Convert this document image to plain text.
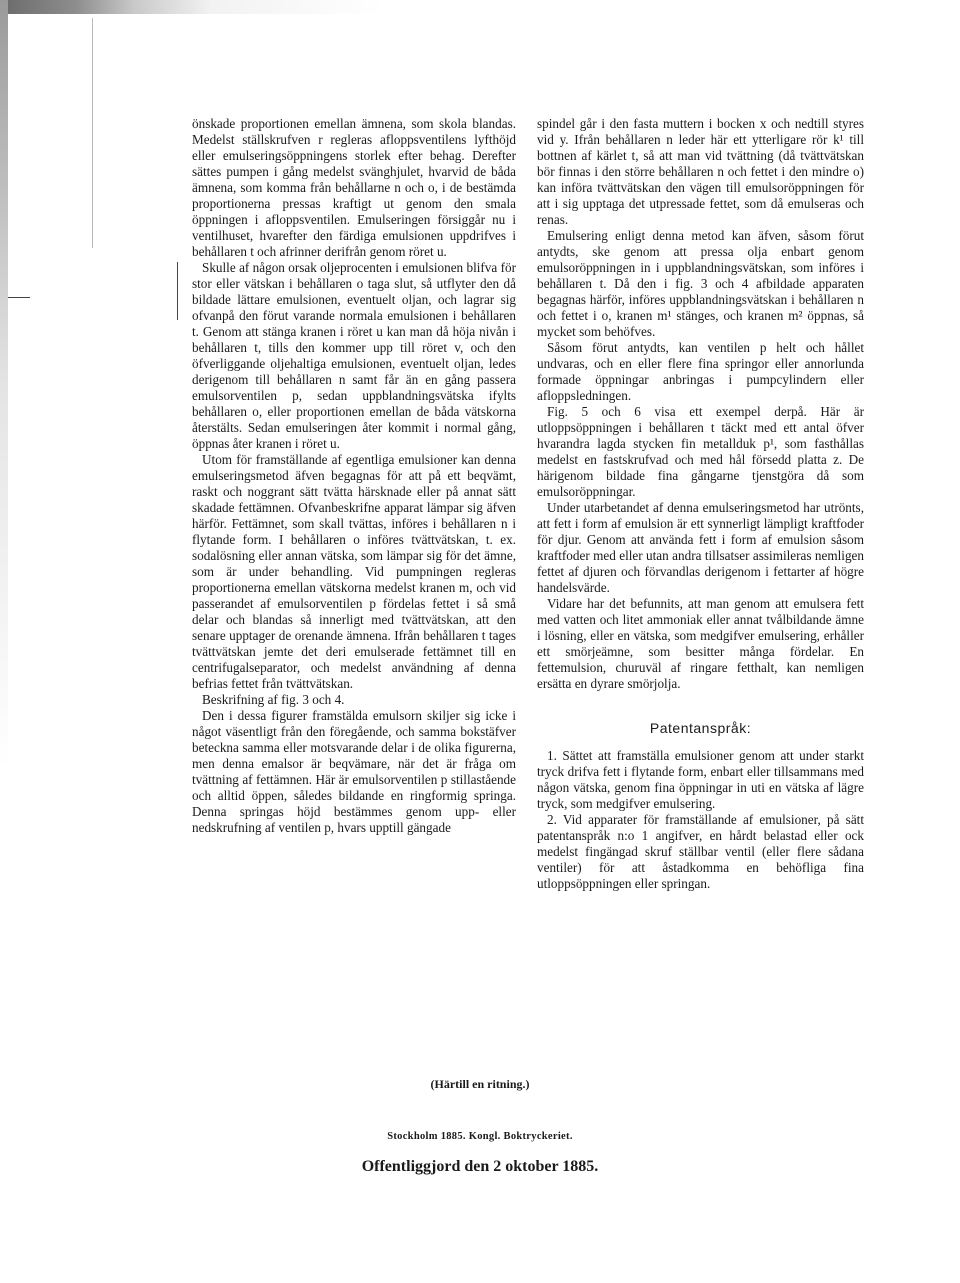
önskade proportionen emellan ämnena, som skola blandas. Medelst ställskrufven r regleras afloppsventilens lyfthöjd eller emulseringsöppningens storlek efter behag. Derefter sättes pumpen i gång medelst svänghjulet, hvarvid de båda ämnena, som komma från behållarne n och o, i de bestämda proportionerna pressas kraftigt ut genom den smala öppningen i afloppsventilen. Emulseringen försiggår nu i ventilhuset, hvarefter den färdiga emulsionen uppdrifves i behållaren t och afrinner derifrån genom röret u.

Skulle af någon orsak oljeprocenten i emulsionen blifva för stor eller vätskan i behållaren o taga slut, så utflyter den då bildade lättare emulsionen, eventuelt oljan, och lagrar sig ofvanpå den förut varande normala emulsionen i behållaren t. Genom att stänga kranen i röret u kan man då höja nivån i behållaren t, tills den kommer upp till röret v, och den öfverliggande oljehaltiga emulsionen, eventuelt oljan, ledes derigenom till behållaren n samt får än en gång passera emulsorventilen p, sedan uppblandningsvätska ifylts behållaren o, eller proportionen emellan de båda vätskorna återstälts. Sedan emulseringen åter kommit i normal gång, öppnas åter kranen i röret u.

Utom för framställande af egentliga emulsioner kan denna emulseringsmetod äfven begagnas för att på ett beqvämt, raskt och noggrant sätt tvätta härsknade eller på annat sätt skadade fettämnen. Ofvanbeskrifne apparat lämpar sig äfven härför. Fettämnet, som skall tvättas, införes i behållaren n i flytande form. I behållaren o införes tvättvätskan, t. ex. sodalösning eller annan vätska, som lämpar sig för det ämne, som är under behandling. Vid pumpningen regleras proportionerna emellan vätskorna medelst kranen m, och vid passerandet af emulsorventilen p fördelas fettet i så små delar och blandas så innerligt med tvättvätskan, att den senare upptager de orenande ämnena. Ifrån behållaren t tages tvättvätskan jemte det deri emulserade fettämnet till en centrifugalseparator, och medelst användning af denna befrias fettet från tvättvätskan.

Beskrifning af fig. 3 och 4.

Den i dessa figurer framstälda emulsorn skiljer sig icke i något väsentligt från den föregående, och samma bokstäfver beteckna samma eller motsvarande delar i de olika figurerna, men denna emalsor är beqvämare, när det är fråga om tvättning af fettämnen. Här är emulsorventilen p stillastående och alltid öppen, således bildande en ringformig springa. Denna springas höjd bestämmes genom upp- eller nedskrufning af ventilen p, hvars upptill gängade

spindel går i den fasta muttern i bocken x och nedtill styres vid y. Ifrån behållaren n leder här ett ytterligare rör k¹ till bottnen af kärlet t, så att man vid tvättning (då tvättvätskan bör finnas i den större behållaren n och fettet i den mindre o) kan införa tvättvätskan den vägen till emulsoröppningen för att i sig upptaga det utpressade fettet, som då emulseras och renas.

Emulsering enligt denna metod kan äfven, såsom förut antydts, ske genom att pressa olja enbart genom emulsoröppningen in i uppblandningsvätskan, som införes i behållaren t. Då den i fig. 3 och 4 afbildade apparaten begagnas härför, införes uppblandningsvätskan i behållaren n och fettet i o, kranen m¹ stänges, och kranen m² öppnas, så mycket som behöfves.

Såsom förut antydts, kan ventilen p helt och hållet undvaras, och en eller flere fina springor eller annorlunda formade öppningar anbringas i pumpcylindern eller afloppsledningen.

Fig. 5 och 6 visa ett exempel derpå. Här är utloppsöppningen i behållaren t täckt med ett antal öfver hvarandra lagda stycken fin metallduk p¹, som fasthållas medelst en fastskrufvad och med hål försedd platta z. De härigenom bildade fina gångarne tjenstgöra då som emulsoröppningar.

Under utarbetandet af denna emulseringsmetod har utrönts, att fett i form af emulsion är ett synnerligt lämpligt kraftfoder för djur. Genom att använda fett i form af emulsion såsom kraftfoder med eller utan andra tillsatser assimileras nemligen fettet af djuren och förvandlas derigenom i fettarter af högre handelsvärde.

Vidare har det befunnits, att man genom att emulsera fett med vatten och litet ammoniak eller annat tvålbildande ämne i lösning, eller en vätska, som medgifver emulsering, erhåller ett smörjeämne, som besitter många fördelar. En fettemulsion, churuväl af ringare fetthalt, kan nemligen ersätta en dyrare smörjolja.

Patentanspråk:

1. Sättet att framställa emulsioner genom att under starkt tryck drifva fett i flytande form, enbart eller tillsammans med någon vätska, genom fina öppningar in uti en vätska af lägre tryck, som medgifver emulsering.

2. Vid apparater för framställande af emulsioner, på sätt patentanspråk n:o 1 angifver, en hårdt belastad eller ock medelst fingängad skruf ställbar ventil (eller flere sådana ventiler) för att åstadkomma en behöfliga fina utloppsöppningen eller springan.

(Härtill en ritning.)
Stockholm 1885. Kongl. Boktryckeriet.
Offentliggjord den 2 oktober 1885.
